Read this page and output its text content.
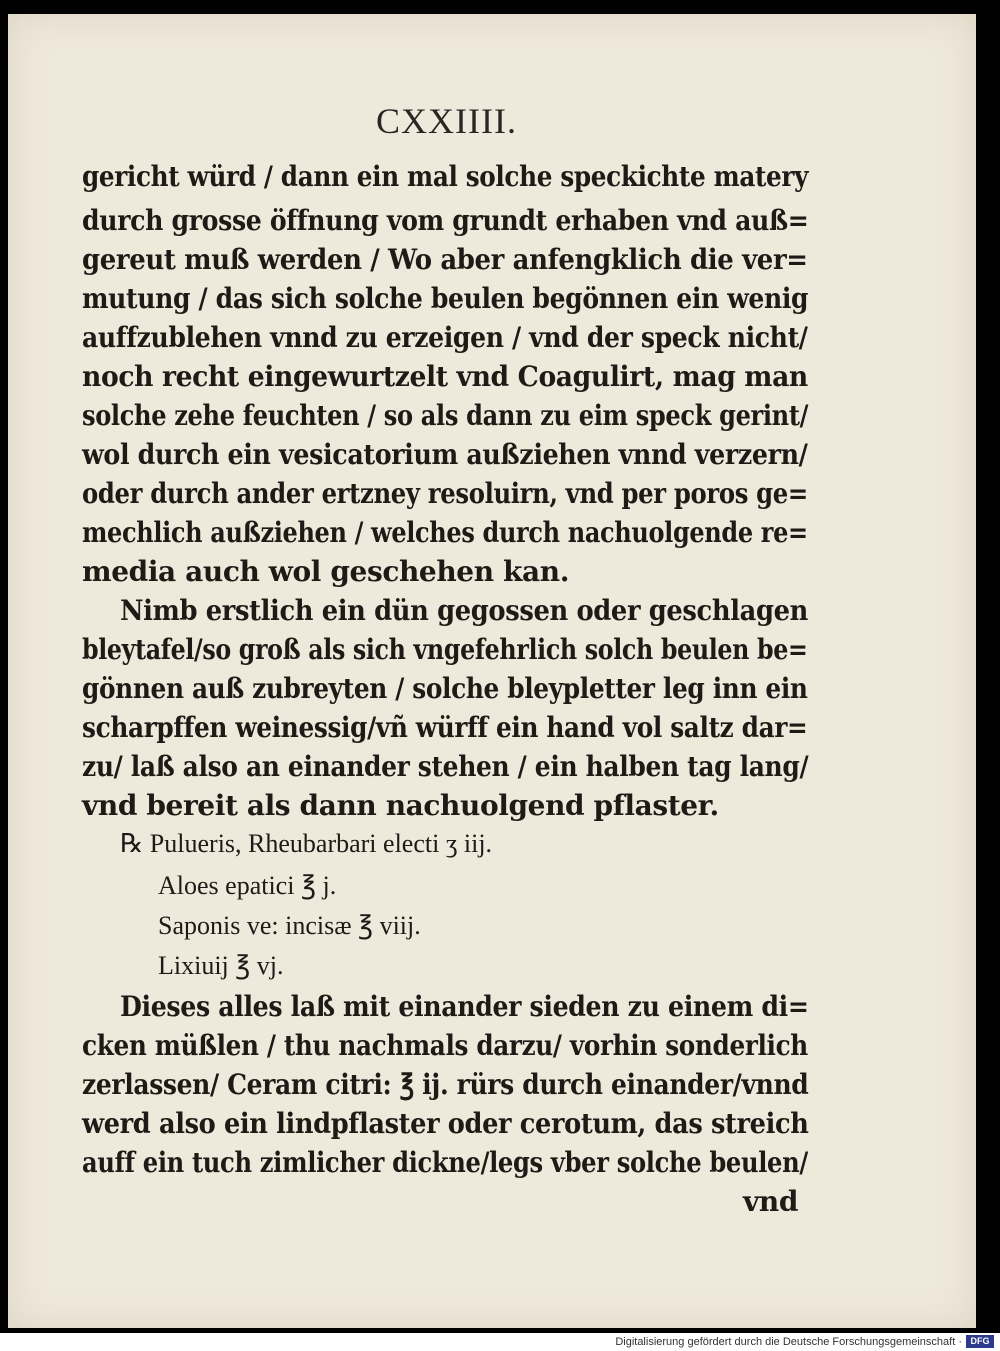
CXXIIII.
gericht würd / dann ein mal solche speckichte matery
durch grosse öffnung vom grundt erhaben vnd auß=
gereut muß werden / Wo aber anfengklich die ver=
mutung / das sich solche beulen begönnen ein wenig
auffzublehen vnnd zu erzeigen / vnd der speck nicht/
noch recht eingewurtzelt vnd Coagulirt, mag man
solche zehe feuchten / so als dann zu eim speck gerint/
wol durch ein vesicatorium außziehen vnnd verzern/
oder durch ander ertzney resoluirn, vnd per poros ge=
mechlich außziehen / welches durch nachuolgende re=
media auch wol geschehen kan.
Nimb erstlich ein dün gegossen oder geschlagen
bleytafel/so groß als sich vngefehrlich solch beulen be=
gönnen auß zubreyten / solche bleypletter leg inn ein
scharpffen weinessig/vñ würff ein hand vol saltz dar=
zu/ laß also an einander stehen / ein halben tag lang/
vnd bereit als dann nachuolgend pflaster.
℞ Pulueris, Rheubarbari electi ʒ iij.
Aloes epatici ℥ j.
Saponis ve: incisæ ℥ viij.
Lixiuij ℥ vj.
Dieses alles laß mit einander sieden zu einem di=
cken müßlen / thu nachmals darzu/ vorhin sonderlich
zerlassen/ Ceram citri: ℥ ij. rürs durch einander/vnnd
werd also ein lindpflaster oder cerotum, das streich
auff ein tuch zimlicher dickne/legs vber solche beulen/
vnd
Digitalisierung gefördert durch die Deutsche Forschungsgemeinschaft · DFG
